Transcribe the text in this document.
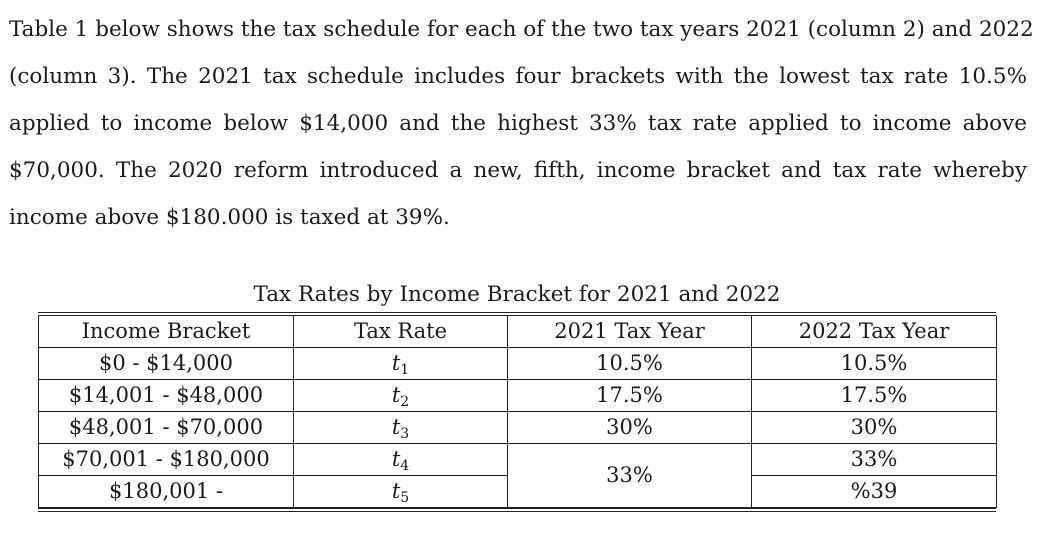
Table 1 below shows the tax schedule for each of the two tax years 2021 (column 2) and 2022
(column 3). The 2021 tax schedule includes four brackets with the lowest tax rate 10.5%
applied to income below $14,000 and the highest 33% tax rate applied to income above
$70,000. The 2020 reform introduced a new, fifth, income bracket and tax rate whereby
income above $180.000 is taxed at 39%.
Tax Rates by Income Bracket for 2021 and 2022
Income Bracket	Tax Rate	2021 Tax Year	2022 Tax Year
$0 - $14,000	$t_1$	10.5%	10.5%
$14,001 - $48,000	$t_2$	17.5%	17.5%
$48,001 - $70,000	$t_3$	30%	30%
$70,001 - $180,000	$t_4$	33%	33%
$180,001 -	$t_5$		%39
